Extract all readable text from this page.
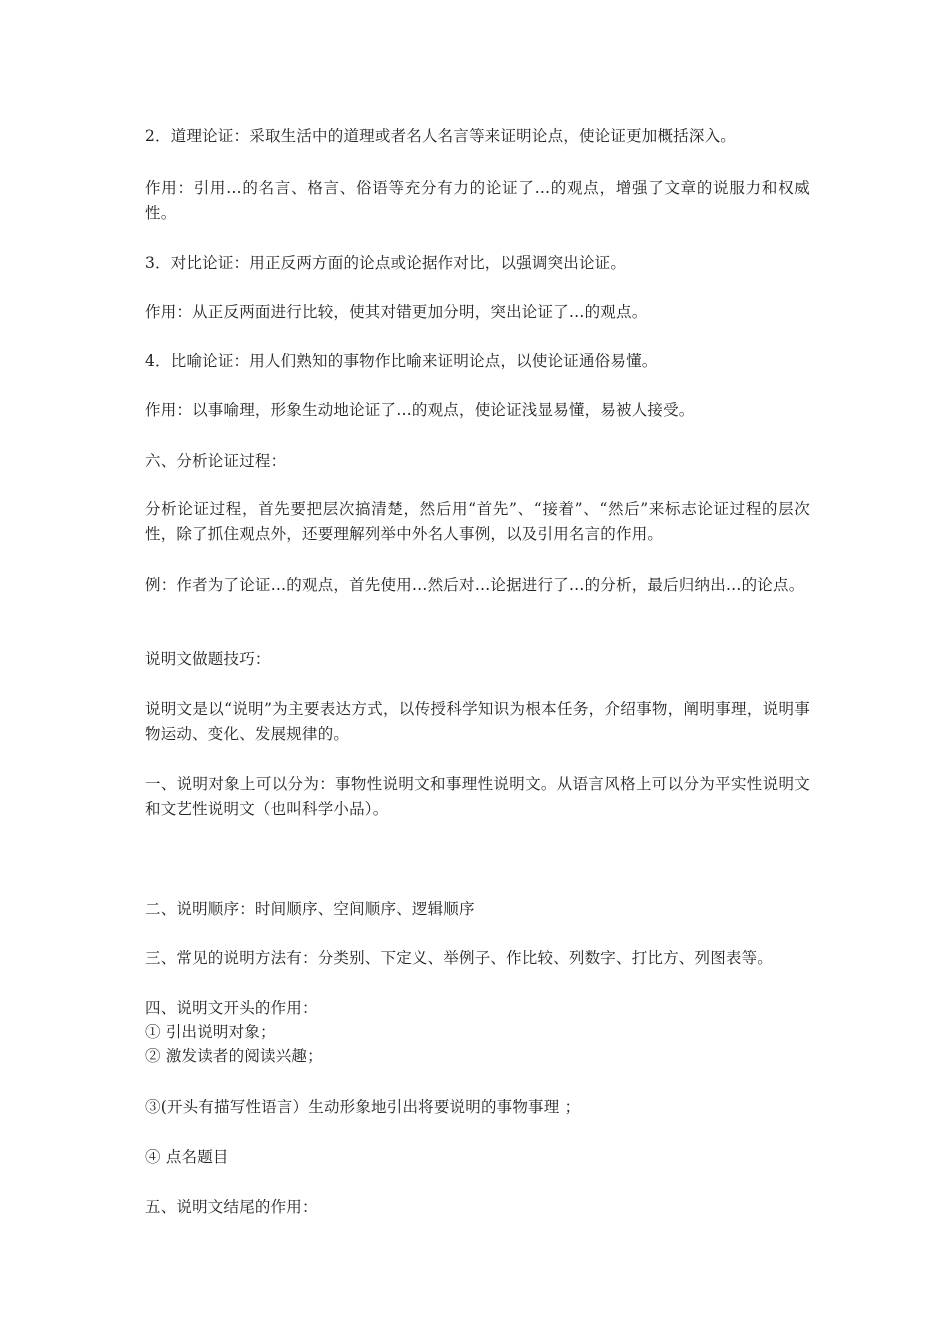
2．道理论证：采取生活中的道理或者名人名言等来证明论点，使论证更加概括深入。

作用：引用…的名言、格言、俗语等充分有力的论证了…的观点，增强了文章的说服力和权威性。

3．对比论证：用正反两方面的论点或论据作对比，以强调突出论证。

作用：从正反两面进行比较，使其对错更加分明，突出论证了…的观点。

4．比喻论证：用人们熟知的事物作比喻来证明论点，以使论证通俗易懂。

作用：以事喻理，形象生动地论证了…的观点，使论证浅显易懂，易被人接受。

六、分析论证过程：

分析论证过程，首先要把层次搞清楚，然后用“首先”、“接着”、“然后”来标志论证过程的层次性，除了抓住观点外，还要理解列举中外名人事例，以及引用名言的作用。

例：作者为了论证…的观点，首先使用…然后对…论据进行了…的分析，最后归纳出…的论点。

说明文做题技巧：

说明文是以“说明”为主要表达方式，以传授科学知识为根本任务，介绍事物，阐明事理，说明事物运动、变化、发展规律的。

一、说明对象上可以分为：事物性说明文和事理性说明文。从语言风格上可以分为平实性说明文和文艺性说明文（也叫科学小品）。

二、说明顺序：时间顺序、空间顺序、逻辑顺序

三、常见的说明方法有：分类别、下定义、举例子、作比较、列数字、打比方、列图表等。

四、说明文开头的作用：

① 引出说明对象；

② 激发读者的阅读兴趣；

③(开头有描写性语言）生动形象地引出将要说明的事物事理 ；

④ 点名题目

五、说明文结尾的作用：
